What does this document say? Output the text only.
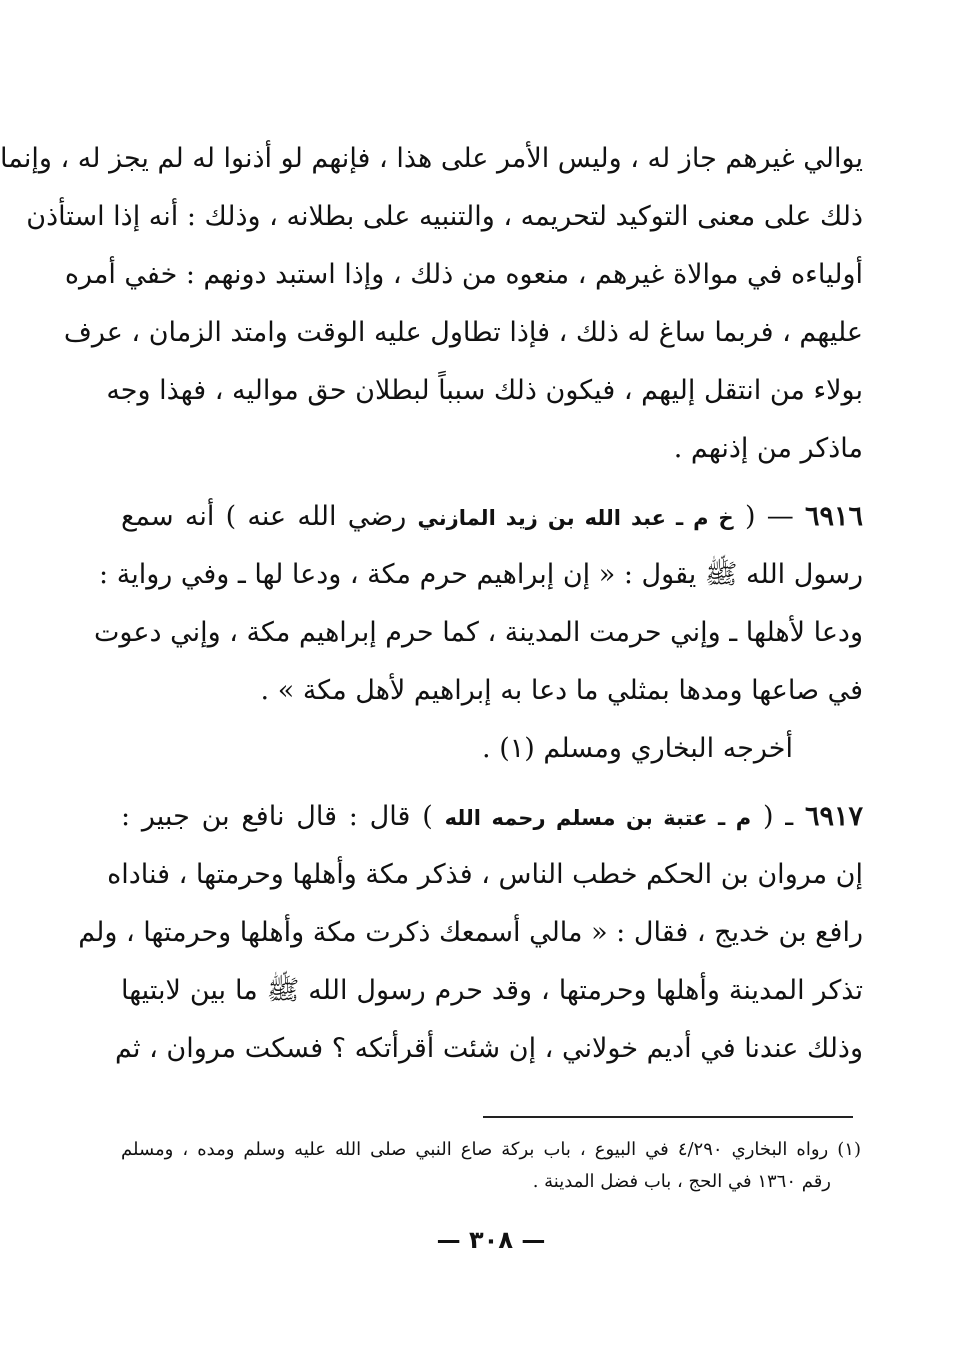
يوالي غيرهم جاز له ، وليس الأمر على هذا ، فإنهم لو أذنوا له لم يجز له ، وإنما
ذلك على معنى التوكيد لتحريمه ، والتنبيه على بطلانه ، وذلك : أنه إذا استأذن
أولياءه في موالاة غيرهم ، منعوه من ذلك ، وإذا استبد دونهم : خفي أمره
عليهم ، فربما ساغ له ذلك ، فإذا تطاول عليه الوقت وامتد الزمان ، عرف
بولاء من انتقل إليهم ، فيكون ذلك سبباً لبطلان حق مواليه ، فهذا وجه
ماذكر من إذنهم .
٦٩١٦ — ( خ م ـ عبد الله بن زيد المازني رضي الله عنه ) أنه سمع
رسول الله ﷺ يقول : « إن إبراهيم حرم مكة ، ودعا لها ـ وفي رواية :
ودعا لأهلها ـ وإني حرمت المدينة ، كما حرم إبراهيم مكة ، وإني دعوت
في صاعها ومدها بمثلي ما دعا به إبراهيم لأهل مكة » .
أخرجه البخاري ومسلم (١) .
٦٩١٧ ـ ( م ـ عتبة بن مسلم رحمه الله ) قال : قال نافع بن جبير :
إن مروان بن الحكم خطب الناس ، فذكر مكة وأهلها وحرمتها ، فناداه
رافع بن خديج ، فقال : « مالي أسمعك ذكرت مكة وأهلها وحرمتها ، ولم
تذكر المدينة وأهلها وحرمتها ، وقد حرم رسول الله ﷺ ما بين لابتيها
وذلك عندنا في أديم خولاني ، إن شئت أقرأتكه ؟ فسكت مروان ، ثم
(١) رواه البخاري ٤/٢٩٠ في البيوع ، باب بركة صاع النبي صلى الله عليه وسلم ومده ، ومسلم
رقم ١٣٦٠ في الحج ، باب فضل المدينة .
— ٣٠٨ —
